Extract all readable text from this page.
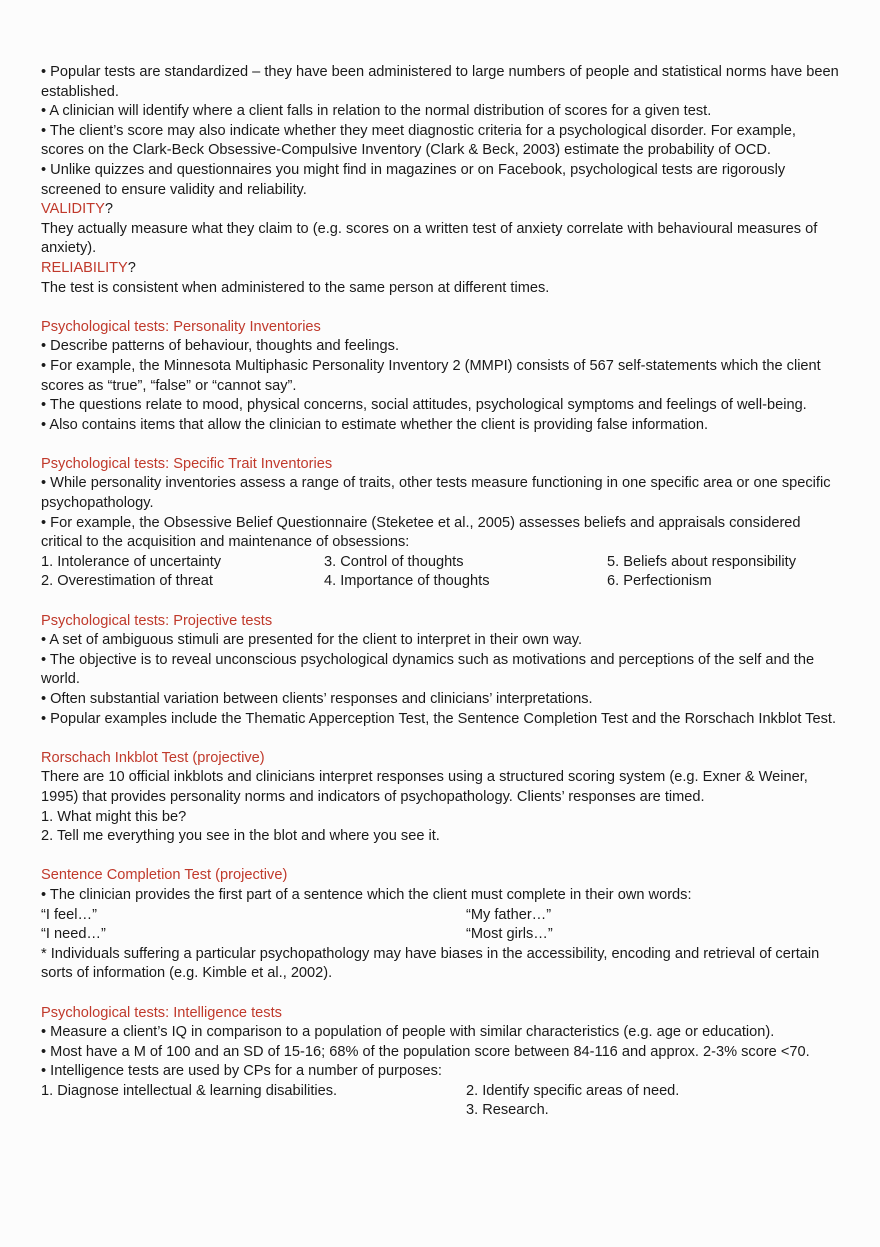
• Popular tests are standardized – they have been administered to large numbers of people and statistical norms have been established.
• A clinician will identify where a client falls in relation to the normal distribution of scores for a given test.
• The client’s score may also indicate whether they meet diagnostic criteria for a psychological disorder. For example, scores on the Clark-Beck Obsessive-Compulsive Inventory (Clark & Beck, 2003) estimate the probability of OCD.
• Unlike quizzes and questionnaires you might find in magazines or on Facebook, psychological tests are rigorously screened to ensure validity and reliability.
VALIDITY?
They actually measure what they claim to (e.g. scores on a written test of anxiety correlate with behavioural measures of anxiety).
RELIABILITY?
The test is consistent when administered to the same person at different times.
Psychological tests: Personality Inventories
• Describe patterns of behaviour, thoughts and feelings.
• For example, the Minnesota Multiphasic Personality Inventory 2 (MMPI) consists of 567 self-statements which the client scores as “true”, “false” or “cannot say”.
• The questions relate to mood, physical concerns, social attitudes, psychological symptoms and feelings of well-being.
• Also contains items that allow the clinician to estimate whether the client is providing false information.
Psychological tests: Specific Trait Inventories
• While personality inventories assess a range of traits, other tests measure functioning in one specific area or one specific psychopathology.
• For example, the Obsessive Belief Questionnaire (Steketee et al., 2005) assesses beliefs and appraisals considered critical to the acquisition and maintenance of obsessions:
1. Intolerance of uncertainty	3. Control of thoughts	5. Beliefs about responsibility
2. Overestimation of threat	4. Importance of thoughts	6. Perfectionism
Psychological tests: Projective tests
• A set of ambiguous stimuli are presented for the client to interpret in their own way.
• The objective is to reveal unconscious psychological dynamics such as motivations and perceptions of the self and the world.
• Often substantial variation between clients’ responses and clinicians’ interpretations.
• Popular examples include the Thematic Apperception Test, the Sentence Completion Test and the Rorschach Inkblot Test.
Rorschach Inkblot Test (projective)
There are 10 official inkblots and clinicians interpret responses using a structured scoring system (e.g. Exner & Weiner, 1995) that provides personality norms and indicators of psychopathology. Clients’ responses are timed.
1. What might this be?
2. Tell me everything you see in the blot and where you see it.
Sentence Completion Test (projective)
• The clinician provides the first part of a sentence which the client must complete in their own words:
“I feel…”	“My father…”
“I need…”	“Most girls…”
* Individuals suffering a particular psychopathology may have biases in the accessibility, encoding and retrieval of certain sorts of information (e.g. Kimble et al., 2002).
Psychological tests: Intelligence tests
• Measure a client’s IQ in comparison to a population of people with similar characteristics (e.g. age or education).
• Most have a M of 100 and an SD of 15-16; 68% of the population score between 84-116 and approx. 2-3% score <70.
• Intelligence tests are used by CPs for a number of purposes:
1. Diagnose intellectual & learning disabilities.	2. Identify specific areas of need.
3. Research.
